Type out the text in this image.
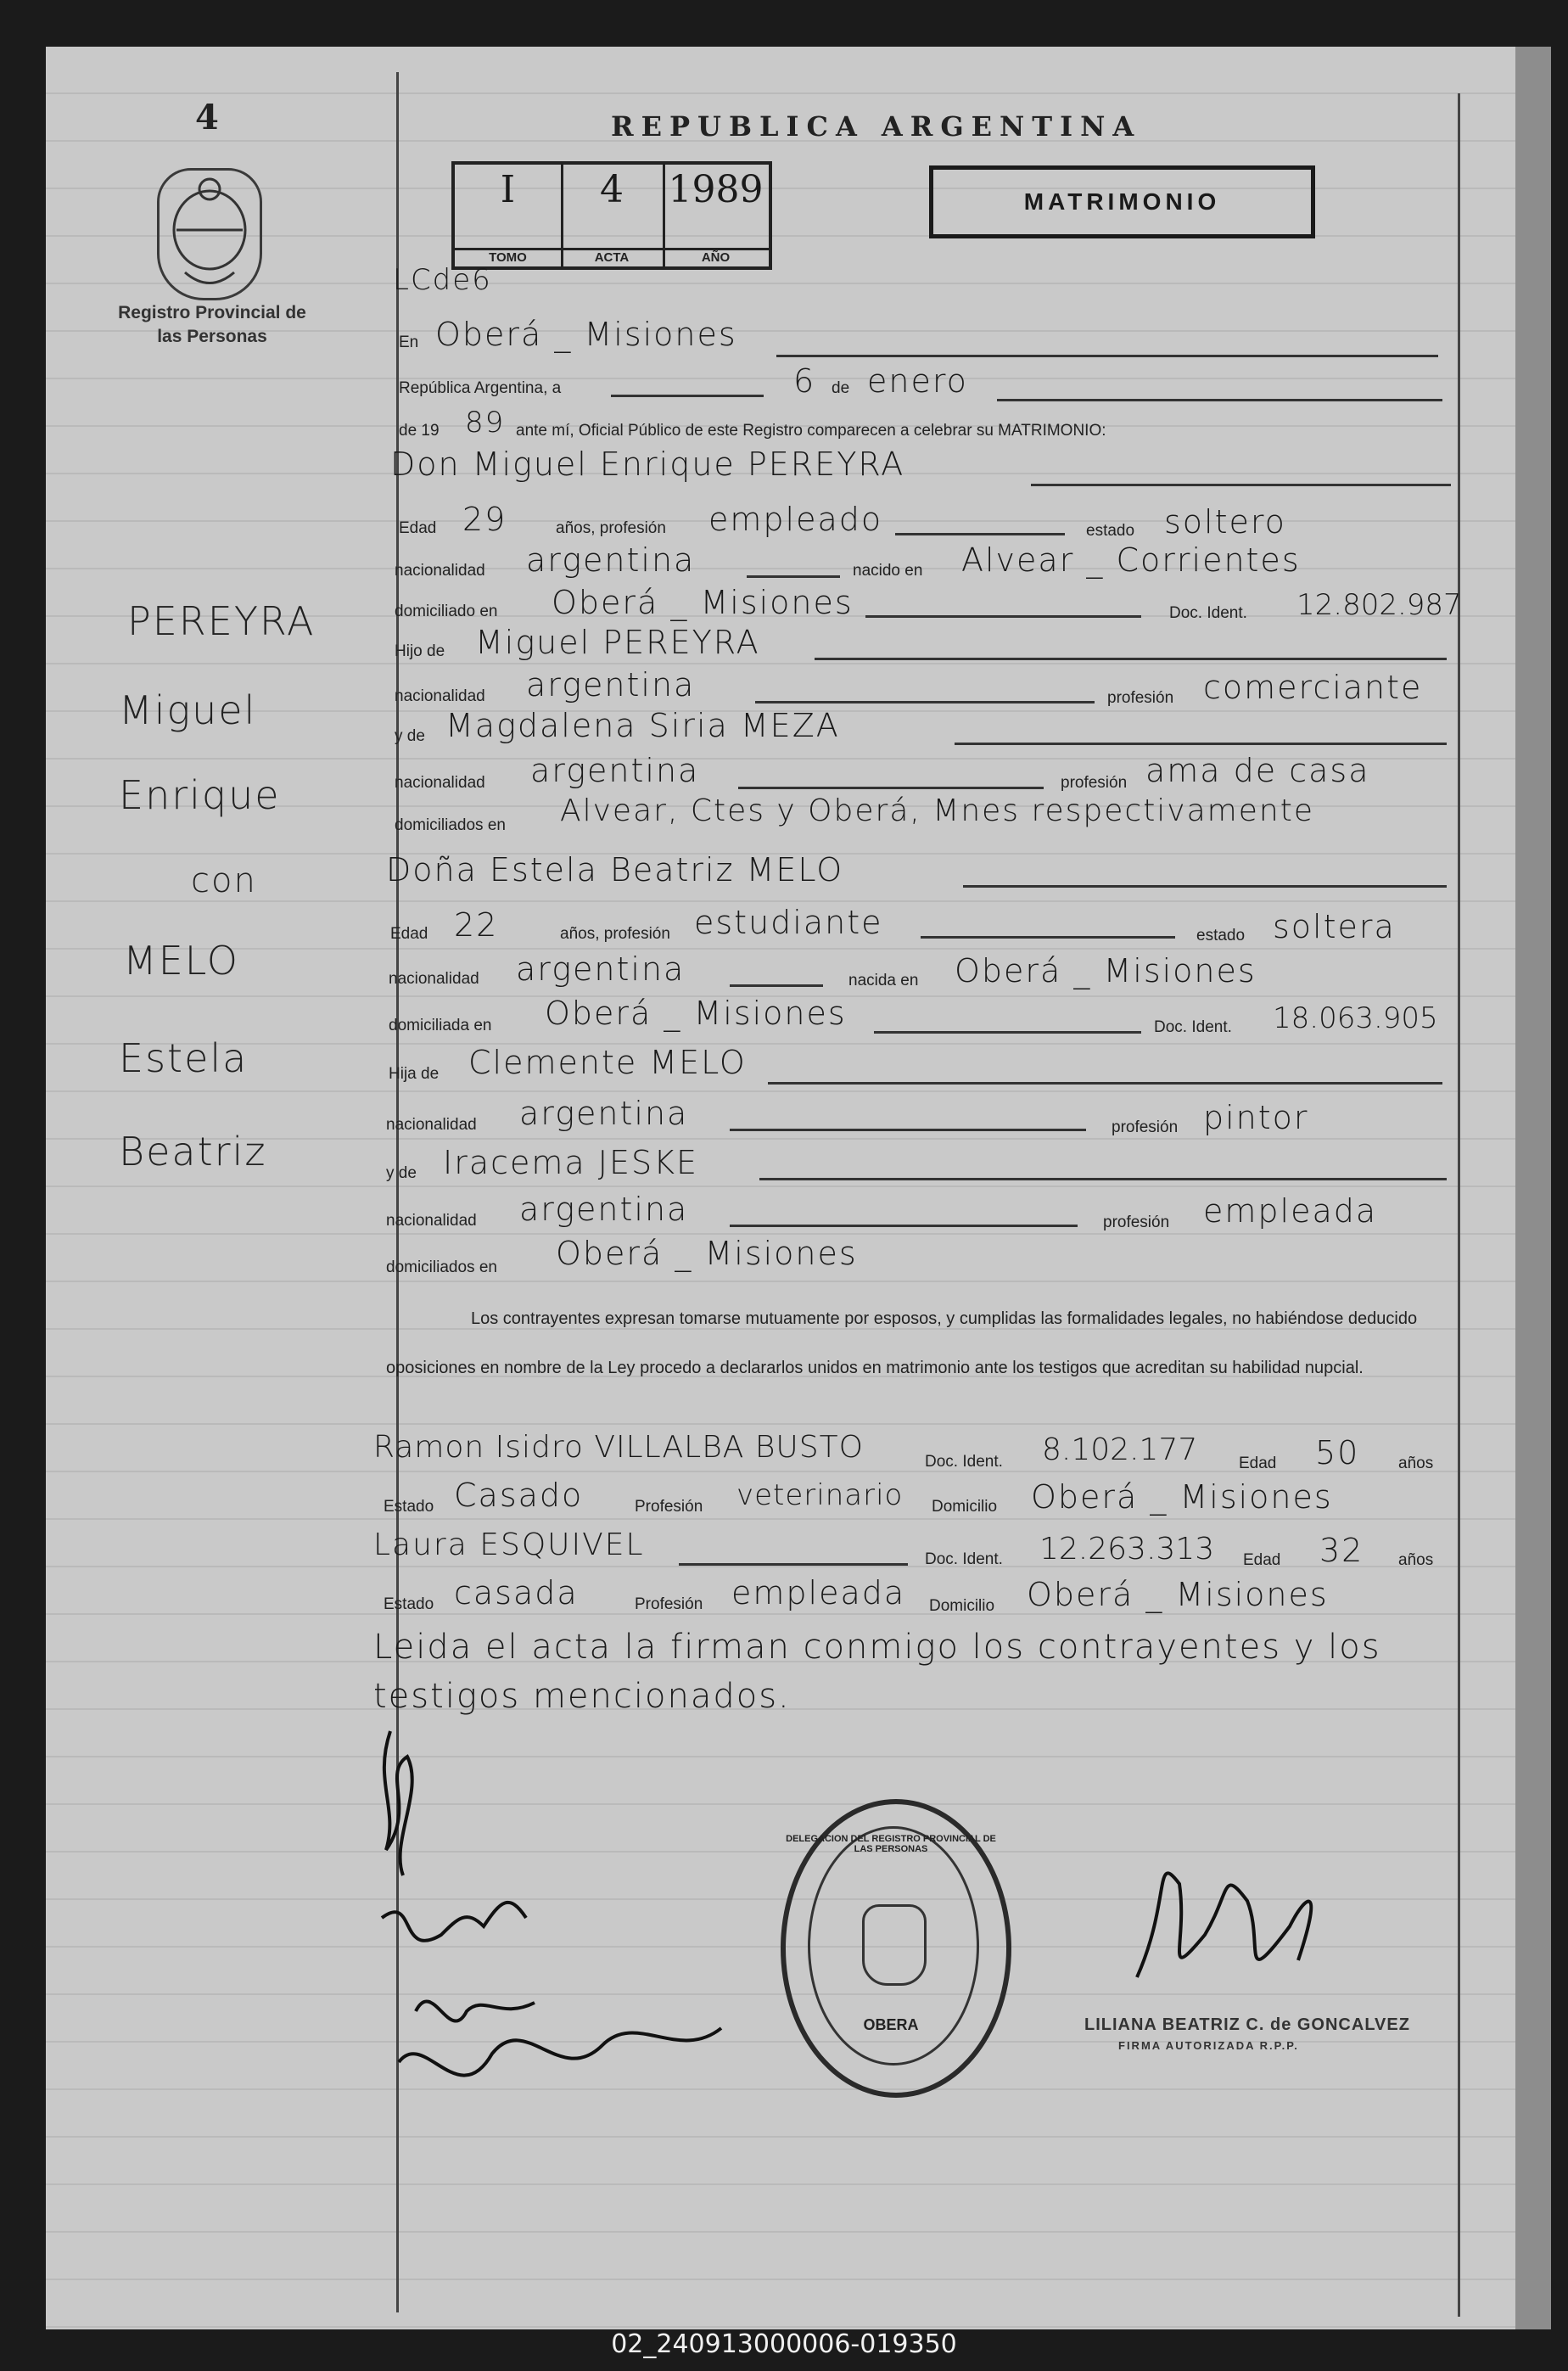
4	REPUBLICA ARGENTINA
Registro Provincial de las Personas
I
TOMO
4
ACTA
1989
AÑO
MATRIMONIO
LCde6
PEREYRA
Miguel
Enrique
con
MELO
Estela
Beatriz
En Oberá _ Misiones
República Argentina, a	6 de enero
de 19 89 ante mí, Oficial Público de este Registro comparecen a celebrar su MATRIMONIO:
Don Miguel Enrique PEREYRA
Edad 29	años, profesión empleado	estado soltero
nacionalidad argentina	nacido en Alvear _ Corrientes
domiciliado en Oberá _ Misiones	Doc. Ident. 12.802.987
Hijo de Miguel PEREYRA
nacionalidad argentina	profesión comerciante
y de Magdalena Siria MEZA
nacionalidad argentina	profesión ama de casa
domiciliados en Alvear, Ctes y Oberá, Mnes respectivamente
Doña Estela Beatriz MELO
Edad 22	años, profesión estudiante	estado soltera
nacionalidad argentina	nacida en Oberá _ Misiones
domiciliada en Oberá _ Misiones	Doc. Ident. 18.063.905
Hija de Clemente MELO
nacionalidad argentina	profesión pintor
y de Iracema JESKE
nacionalidad argentina	profesión empleada
domiciliados en Oberá _ Misiones
Los contrayentes expresan tomarse mutuamente por esposos, y cumplidas las formalidades legales, no habiéndose deducido oposiciones en nombre de la Ley procedo a declararlos unidos en matrimonio ante los testigos que acreditan su habilidad nupcial.
Ramon Isidro VILLALBA BUSTO	Doc. Ident. 8.102.177	Edad 50 años
Estado Casado	Profesión veterinario Domicilio Oberá _ Misiones
Laura ESQUIVEL	Doc. Ident. 12.263.313 Edad 32 años
Estado casada	Profesión empleada Domicilio Oberá _ Misiones
Leida el acta la firman conmigo los contrayentes y los testigos mencionados.
DELEGACION DEL REGISTRO PROVINCIAL DE LAS PERSONAS
OBERA	LILIANA BEATRIZ C. de GONCALVEZ
FIRMA AUTORIZADA R.P.P.
02_240913000006-019350
